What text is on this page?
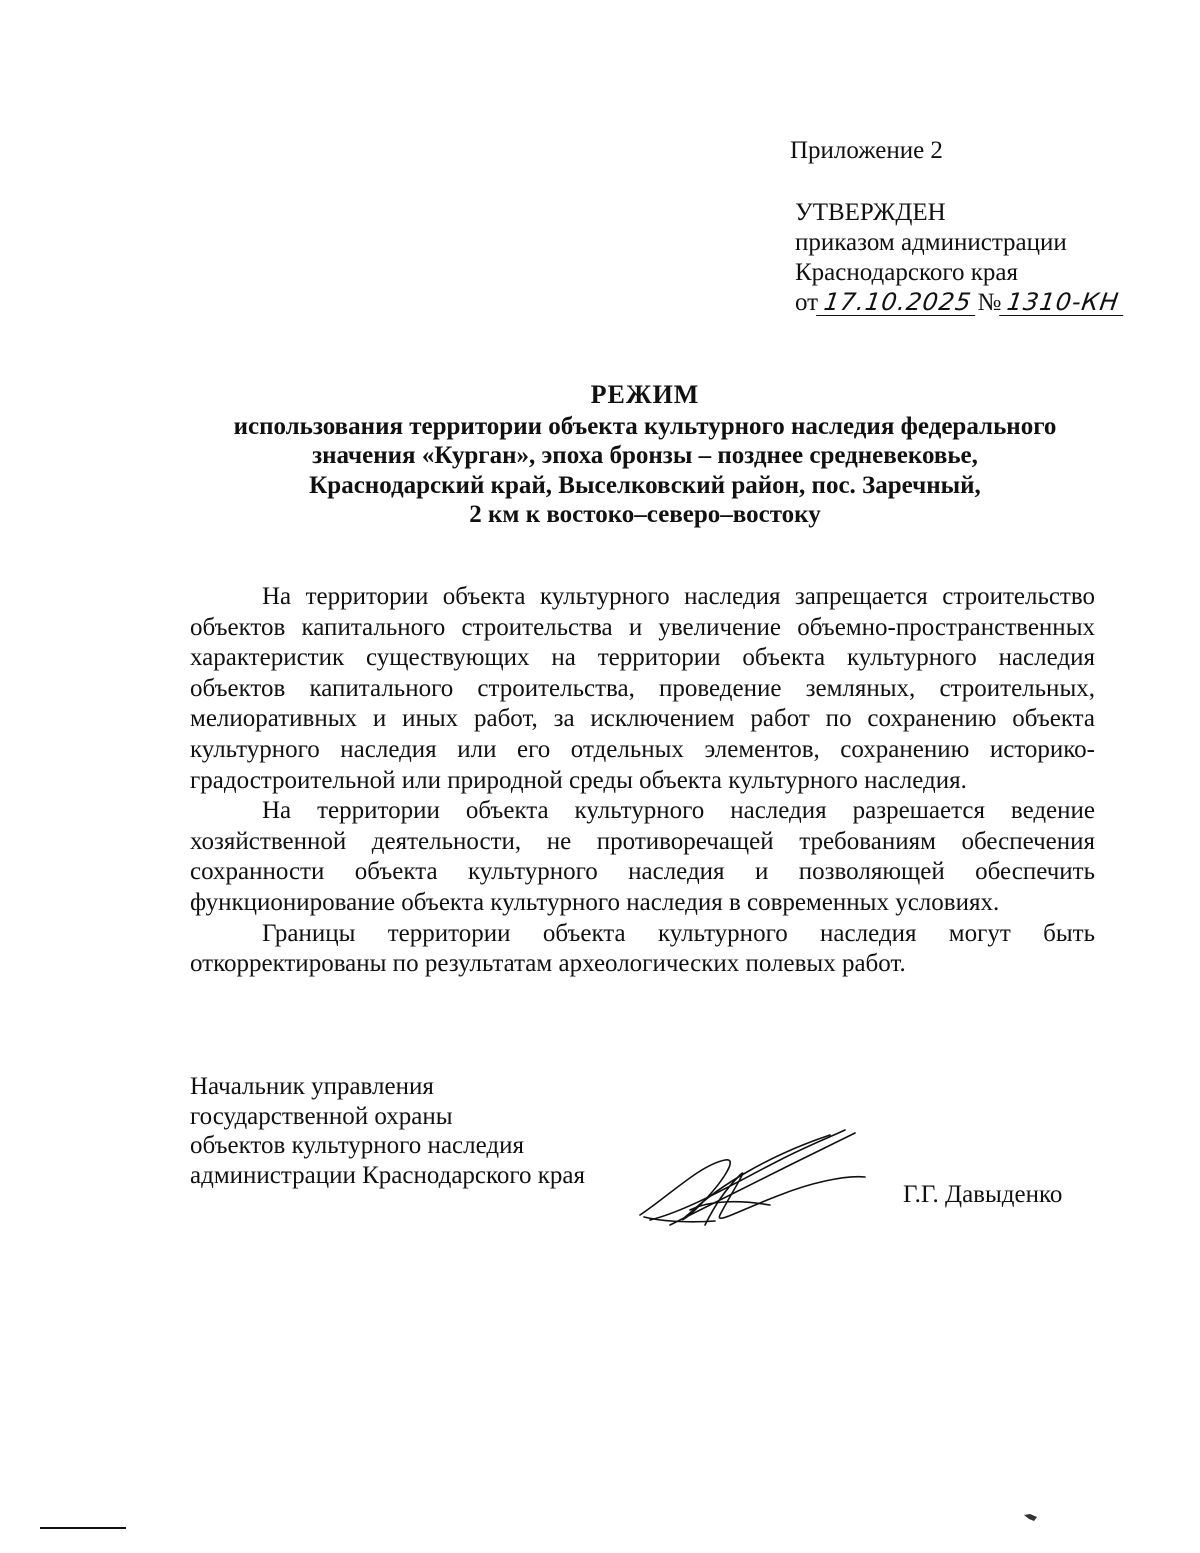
Приложение 2
УТВЕРЖДЕН
приказом администрации
Краснодарского края
от 17.10.2025 № 1310-КН
РЕЖИМ
использования территории объекта культурного наследия федерального
значения «Курган», эпоха бронзы – позднее средневековье,
Краснодарский край, Выселковский район, пос. Заречный,
2 км к востоко–северо–востоку

На территории объекта культурного наследия запрещается строительство объектов капитального строительства и увеличение объемно-пространственных характеристик существующих на территории объекта культурного наследия объектов капитального строительства, проведение земляных, строительных, мелиоративных и иных работ, за исключением работ по сохранению объекта культурного наследия или его отдельных элементов, сохранению историко-градостроительной или природной среды объекта культурного наследия.

На территории объекта культурного наследия разрешается ведение хозяйственной деятельности, не противоречащей требованиям обеспечения сохранности объекта культурного наследия и позволяющей обеспечить функционирование объекта культурного наследия в современных условиях.

Границы территории объекта культурного наследия могут быть откорректированы по результатам археологических полевых работ.

Начальник управления
государственной охраны
объектов культурного наследия
администрации Краснодарского края
Г.Г. Давыденко
